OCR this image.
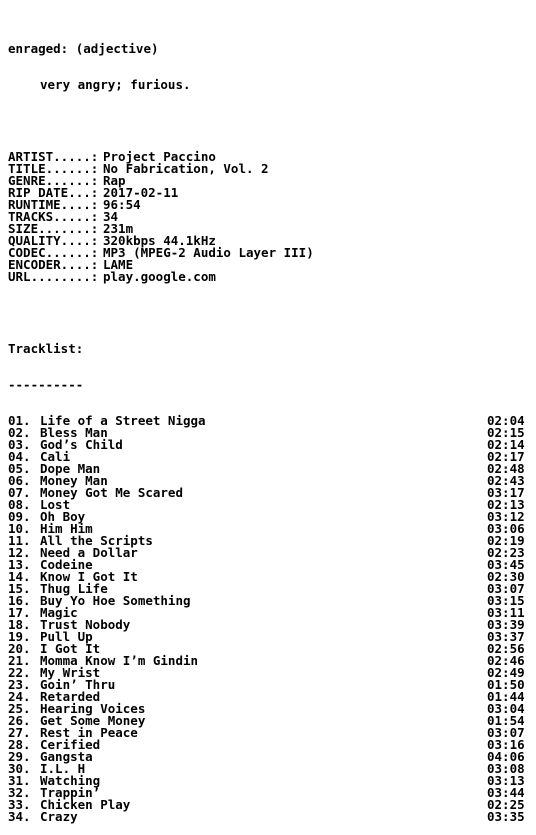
enraged: (adjective)

very angry; furious.

ARTIST.....: Project Paccino
TITLE......: No Fabrication, Vol. 2
GENRE......: Rap
RIP DATE...: 2017-02-11
RUNTIME....: 96:54
TRACKS.....: 34
SIZE.......: 231m
QUALITY....: 320kbps 44.1kHz
CODEC......: MP3 (MPEG-2 Audio Layer III)
ENCODER....: LAME
URL........: play.google.com

Tracklist:

----------

01. Life of a Street Nigga	02:04
02. Bless Man	02:15
03. God’s Child	02:14
04. Cali	02:17
05. Dope Man	02:48
06. Money Man	02:43
07. Money Got Me Scared	03:17
08. Lost	02:13
09. Oh Boy	03:12
10. Him Him	03:06
11. All the Scripts	02:19
12. Need a Dollar	02:23
13. Codeine	03:45
14. Know I Got It	02:30
15. Thug Life	03:07
16. Buy Yo Hoe Something	03:15
17. Magic	03:11
18. Trust Nobody	03:39
19. Pull Up	03:37
20. I Got It	02:56
21. Momma Know I’m Gindin	02:46
22. My Wrist	02:49
23. Goin’ Thru	01:50
24. Retarded	01:44
25. Hearing Voices	03:04
26. Get Some Money	01:54
27. Rest in Peace	03:07
28. Cerified	03:16
29. Gangsta	04:06
30. I.L. H	03:08
31. Watching	03:13
32. Trappin’	03:44
33. Chicken Play	02:25
34. Crazy	03:35
